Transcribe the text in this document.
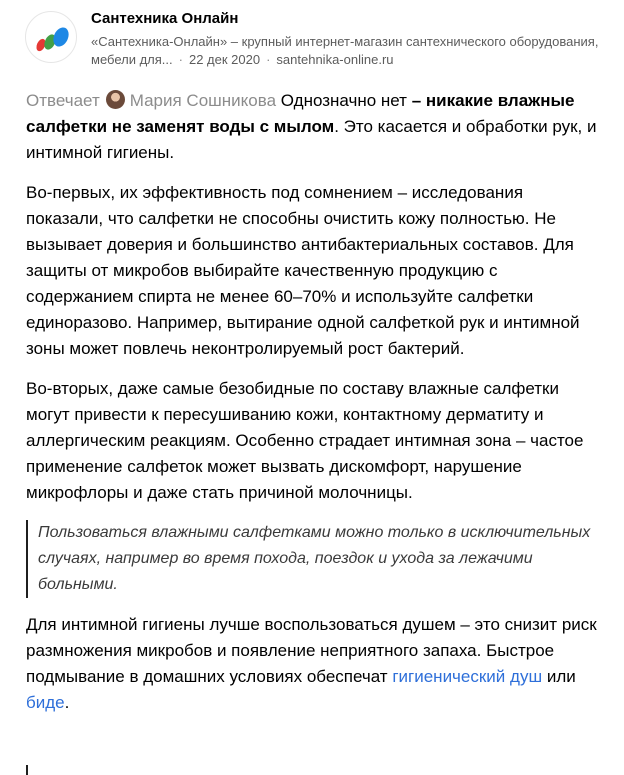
Сантехника Онлайн
«Сантехника-Онлайн» – крупный интернет-магазин сантехнического оборудования, мебели для... · 22 дек 2020 · santehnika-online.ru

Отвечает Мария Сошникова Однозначно нет – никакие влажные салфетки не заменят воды с мылом. Это касается и обработки рук, и интимной гигиены.

Во-первых, их эффективность под сомнением – исследования показали, что салфетки не способны очистить кожу полностью. Не вызывает доверия и большинство антибактериальных составов. Для защиты от микробов выбирайте качественную продукцию с содержанием спирта не менее 60–70% и используйте салфетки единоразово. Например, вытирание одной салфеткой рук и интимной зоны может повлечь неконтролируемый рост бактерий.

Во-вторых, даже самые безобидные по составу влажные салфетки могут привести к пересушиванию кожи, контактному дерматиту и аллергическим реакциям. Особенно страдает интимная зона – частое применение салфеток может вызвать дискомфорт, нарушение микрофлоры и даже стать причиной молочницы.

Пользоваться влажными салфетками можно только в исключительных случаях, например во время похода, поездок и ухода за лежачими больными.

Для интимной гигиены лучше воспользоваться душем – это снизит риск размножения микробов и появление неприятного запаха. Быстрое подмывание в домашних условиях обеспечат гигиенический душ или биде.
